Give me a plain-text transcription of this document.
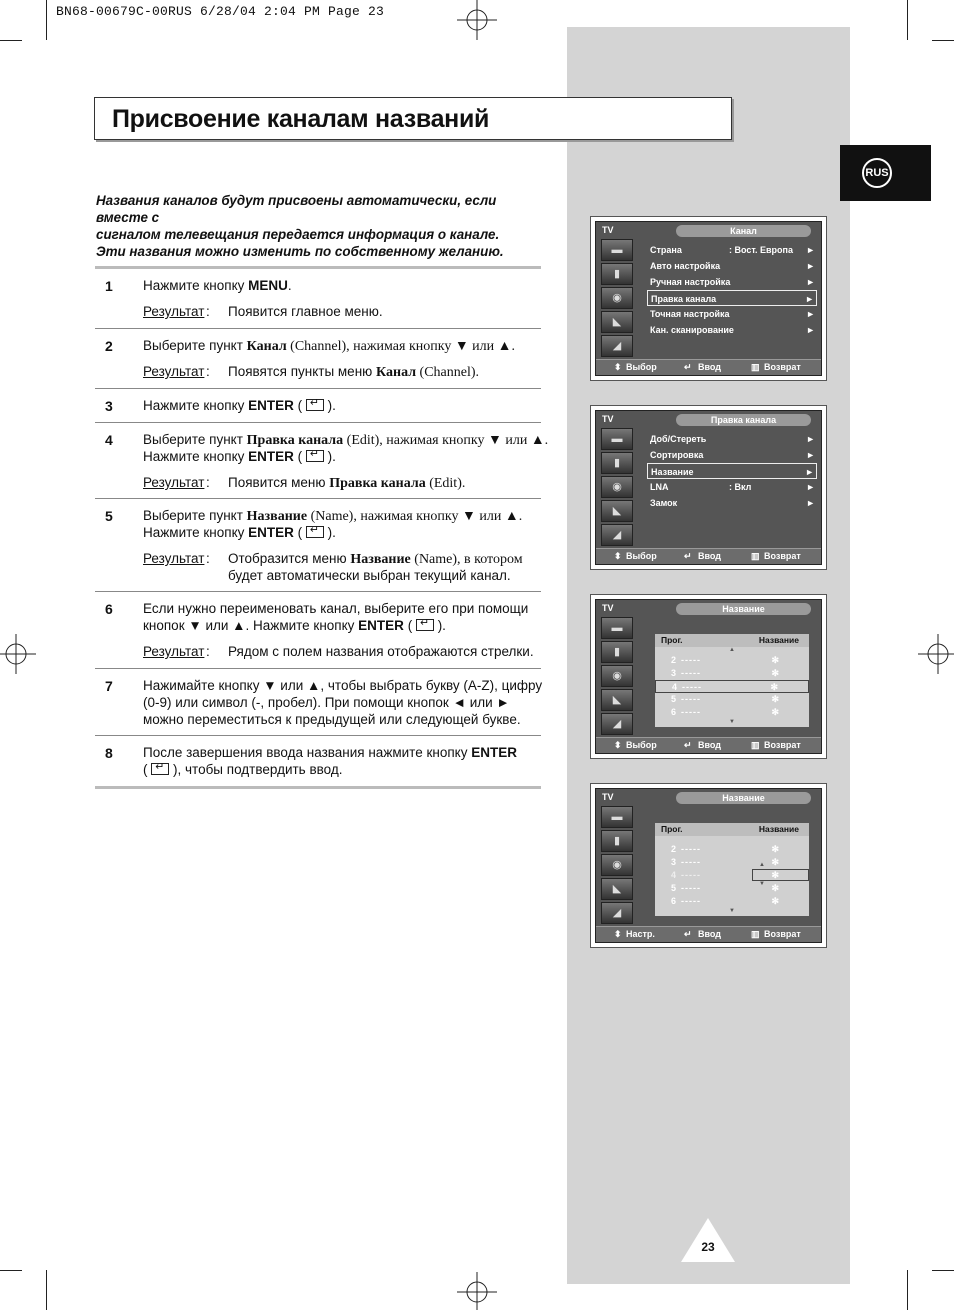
BN68-00679C-00RUS 6/28/04 2:04 PM Page 23
RUS
Присвоение каналам названий
Названия каналов будут присвоены автоматически, если вместе с
сигналом телевещания передается информация о канале.
Эти названия можно изменить по собственному желанию.
1 Нажмите кнопку MENU.
Результат : Появится главное меню.
2 Выберите пункт Канал (Channel), нажимая кнопку ▼ или ▲.
Результат : Появятся пункты меню Канал (Channel).
3 Нажмите кнопку ENTER ( ↵ ).
4 Выберите пункт Правка канала (Edit), нажимая кнопку ▼ или ▲.
Нажмите кнопку ENTER ( ↵ ).
Результат : Появится меню Правка канала (Edit).
5 Выберите пункт Название (Name), нажимая кнопку ▼ или ▲.
Нажмите кнопку ENTER ( ↵ ).
Результат : Отобразится меню Название (Name), в котором
будет автоматически выбран текущий канал.
6 Если нужно переименовать канал, выберите его при помощи
кнопок ▼ или ▲. Нажмите кнопку ENTER ( ↵ ).
Результат : Рядом с полем названия отображаются стрелки.
7 Нажимайте кнопку ▼ или ▲, чтобы выбрать букву (A-Z), цифру
(0-9) или символ (-, пробел). При помощи кнопок ◄ или ►
можно переместиться к предыдущей или следующей букве.
8 После завершения ввода названия нажмите кнопку ENTER
( ↵ ), чтобы подтвердить ввод.
TV	Канал
▬
▮
◉
◣
◢
Страна	: Вост. Европа ►
Авто настройка	►
Ручная настройка	►
Правка канала	►
Точная настройка	►
Кан. сканирование	►
⬍ Выбор	↵ Ввод	▥ Возврат
TV	Правка канала
▬
▮
◉
◣
◢
Доб/Стереть	►
Сортировка	►
Название	►
LNA	: Вкл	►
Замок	►
⬍ Выбор	↵ Ввод	▥ Возврат
TV	Название
▬
▮
◉
◣
◢
Прог.	Название
▲
2 -----	✻
3 -----	✻
4 -----	✻
5 -----	✻
6 -----	✻
▼
⬍ Выбор	↵ Ввод	▥ Возврат
TV	Название
▬
▮
◉
◣
◢
Прог.	Название
2 -----	✻
3 -----	✻
4 -----	✻
5 -----	✻
6 -----	✻
▲
▼
▼
⬍ Настр.	↵ Ввод	▥ Возврат
23
